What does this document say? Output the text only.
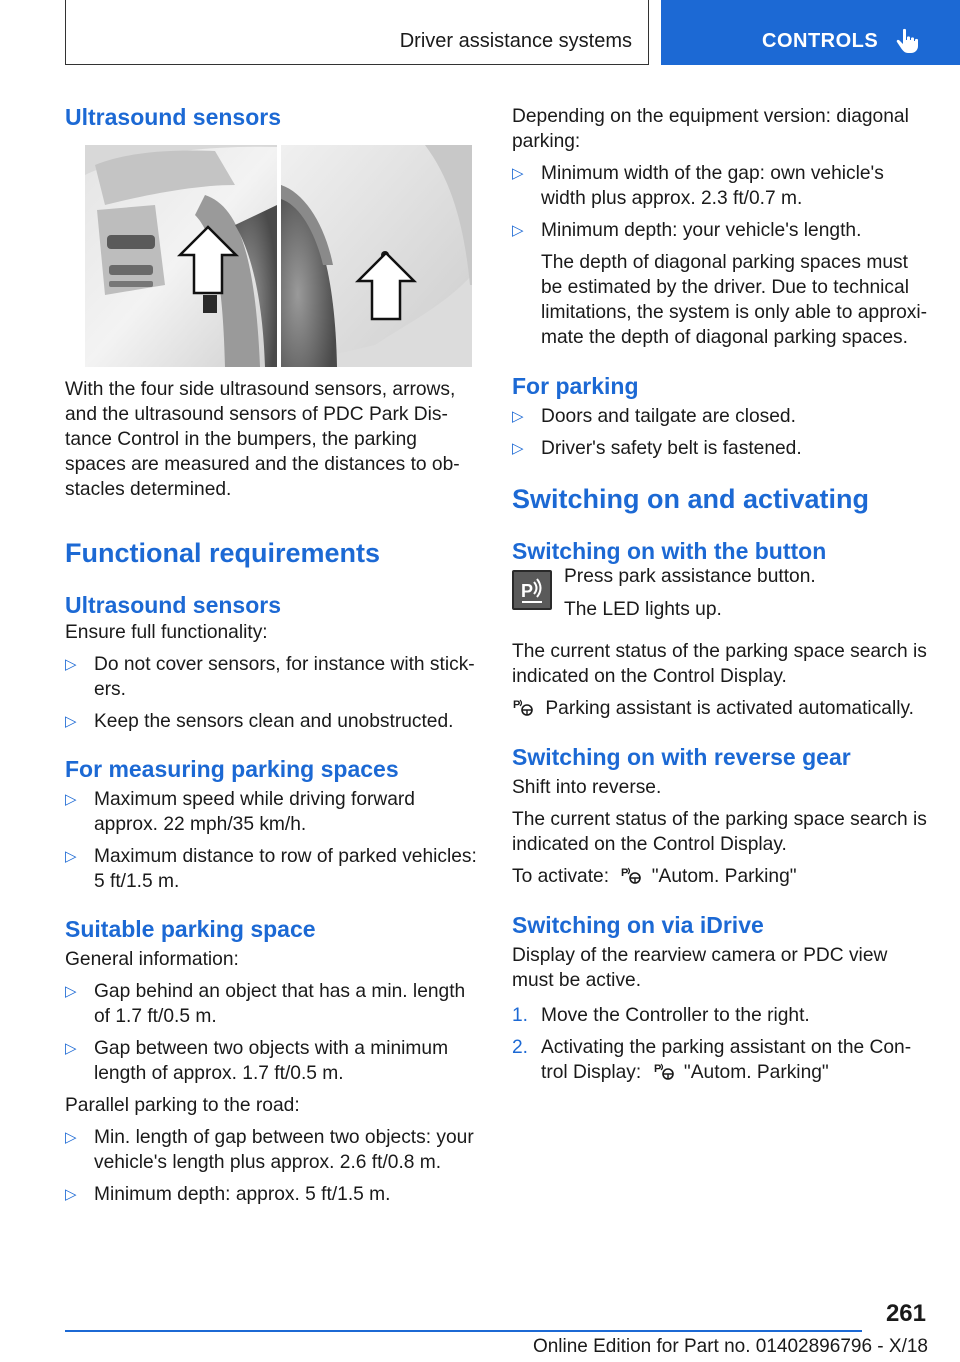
Driver assistance systems	CONTROLS
Ultrasound sensors
With the four side ultrasound sensors, arrows, and the ultrasound sensors of PDC Park Dis-tance Control in the bumpers, the parking spaces are measured and the distances to ob-stacles determined.
Functional requirements
Ultrasound sensors
Ensure full functionality:
▷ Do not cover sensors, for instance with stick-ers.
▷ Keep the sensors clean and unobstructed.
For measuring parking spaces
▷ Maximum speed while driving forward approx. 22 mph/35 km/h.
▷ Maximum distance to row of parked vehicles: 5 ft/1.5 m.
Suitable parking space
General information:
▷ Gap behind an object that has a min. length of 1.7 ft/0.5 m.
▷ Gap between two objects with a minimum length of approx. 1.7 ft/0.5 m.
Parallel parking to the road:
▷ Min. length of gap between two objects: your vehicle's length plus approx. 2.6 ft/0.8 m.
▷ Minimum depth: approx. 5 ft/1.5 m.
Depending on the equipment version: diagonal parking:
▷ Minimum width of the gap: own vehicle's width plus approx. 2.3 ft/0.7 m.
▷ Minimum depth: your vehicle's length.
The depth of diagonal parking spaces must be estimated by the driver. Due to technical limitations, the system is only able to approxi-mate the depth of diagonal parking spaces.
For parking
▷ Doors and tailgate are closed.
▷ Driver's safety belt is fastened.
Switching on and activating
Switching on with the button
P
Press park assistance button.
The LED lights up.
The current status of the parking space search is indicated on the Control Display.
P Parking assistant is activated automatically.
Switching on with reverse gear
Shift into reverse.
The current status of the parking space search is indicated on the Control Display.
To activate: P "Autom. Parking"
Switching on via iDrive
Display of the rearview camera or PDC view must be active.
1. Move the Controller to the right.
2. Activating the parking assistant on the Con-trol Display: P "Autom. Parking"
261
Online Edition for Part no. 01402896796 - X/18
